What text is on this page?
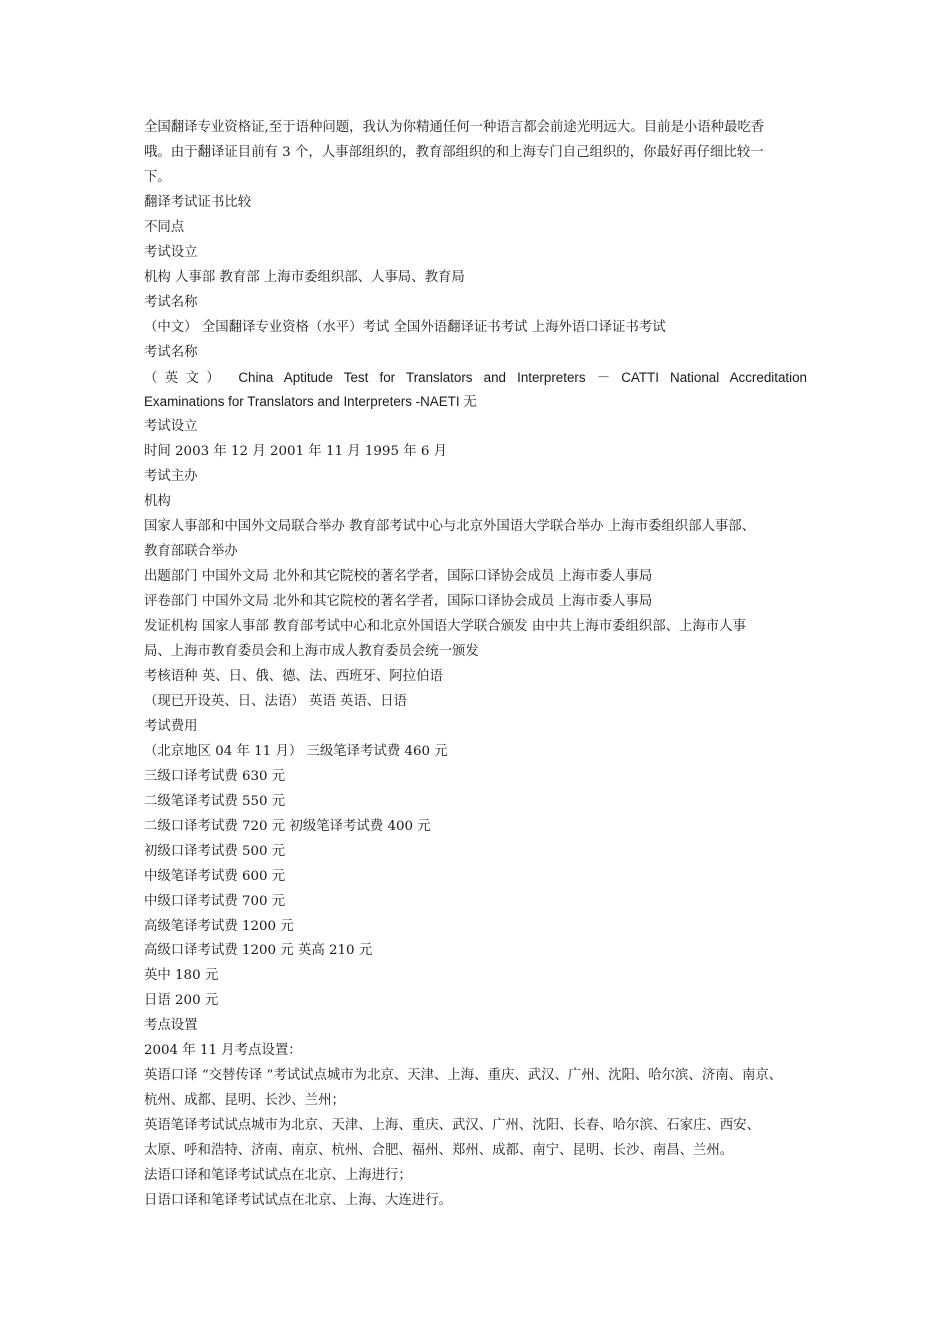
全国翻译专业资格证,至于语种问题，我认为你精通任何一种语言都会前途光明远大。目前是小语种最吃香

哦。由于翻译证目前有 3 个，人事部组织的，教育部组织的和上海专门自己组织的，你最好再仔细比较一

下。

翻译考试证书比较

不同点

考试设立

机构 人事部 教育部 上海市委组织部、人事局、教育局

考试名称

（中文） 全国翻译专业资格（水平）考试 全国外语翻译证书考试 上海外语口译证书考试

考试名称

（英文） China Aptitude Test for Translators and Interpreters － CATTI National Accreditation

Examinations for Translators and Interpreters -NAETI 无

考试设立

时间 2003 年 12 月 2001 年 11 月 1995 年 6 月

考试主办

机构

国家人事部和中国外文局联合举办 教育部考试中心与北京外国语大学联合举办 上海市委组织部人事部、

教育部联合举办

出题部门 中国外文局 北外和其它院校的著名学者，国际口译协会成员 上海市委人事局

评卷部门 中国外文局 北外和其它院校的著名学者，国际口译协会成员 上海市委人事局

发证机构 国家人事部 教育部考试中心和北京外国语大学联合颁发 由中共上海市委组织部、上海市人事

局、上海市教育委员会和上海市成人教育委员会统一颁发

考核语种 英、日、俄、德、法、西班牙、阿拉伯语

（现已开设英、日、法语） 英语 英语、日语

考试费用

（北京地区 04 年 11 月） 三级笔译考试费 460 元

三级口译考试费 630 元

二级笔译考试费 550 元

二级口译考试费 720 元 初级笔译考试费 400 元

初级口译考试费 500 元

中级笔译考试费 600 元

中级口译考试费 700 元

高级笔译考试费 1200 元

高级口译考试费 1200 元 英高 210 元

英中 180 元

日语 200 元

考点设置

2004 年 11 月考点设置：

英语口译 “交替传译 ”考试试点城市为北京、天津、上海、重庆、武汉、广州、沈阳、哈尔滨、济南、南京、

杭州、成都、昆明、长沙、兰州；

英语笔译考试试点城市为北京、天津、上海、重庆、武汉、广州、沈阳、长春、哈尔滨、石家庄、西安、

太原、呼和浩特、济南、南京、杭州、合肥、福州、郑州、成都、南宁、昆明、长沙、南昌、兰州。

法语口译和笔译考试试点在北京、上海进行；

日语口译和笔译考试试点在北京、上海、大连进行。
